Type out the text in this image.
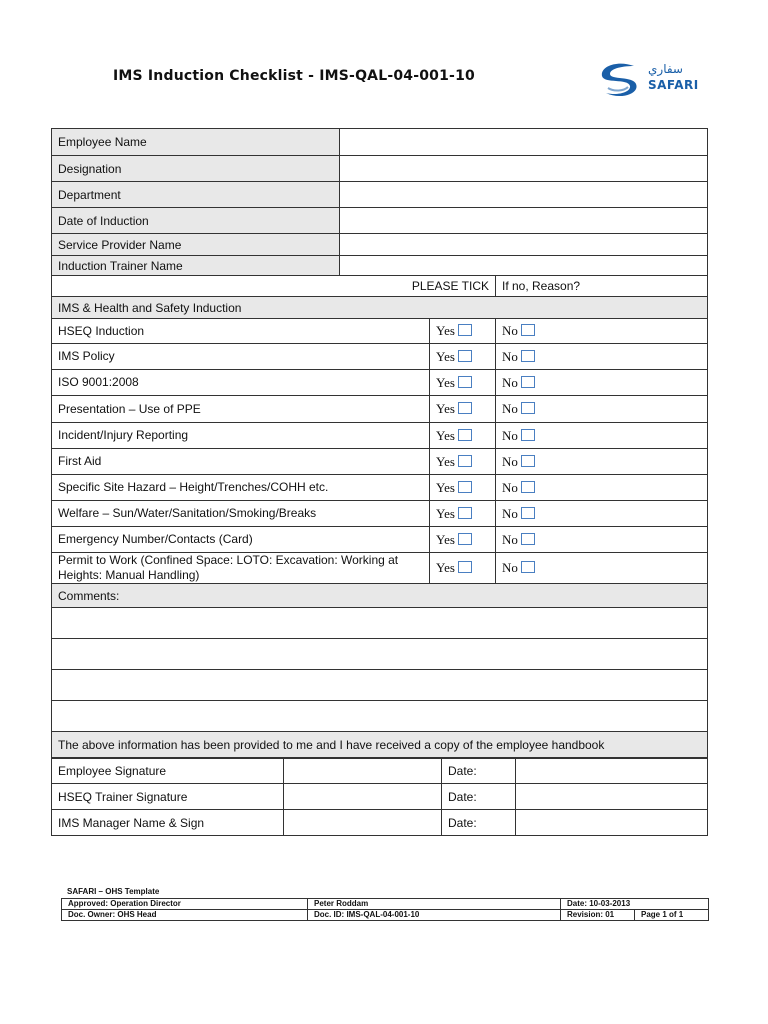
IMS Induction Checklist - IMS-QAL-04-001-10	سفاري
SAFARI
Employee Name			
Designation			
Department			
Date of Induction			
Service Provider Name			
Induction Trainer Name			
PLEASE TICK			If no, Reason?
IMS & Health and Safety Induction			
HSEQ Induction		Yes	No
IMS Policy		Yes	No
ISO 9001:2008		Yes	No
Presentation – Use of PPE		Yes	No
Incident/Injury Reporting		Yes	No
First Aid		Yes	No
Specific Site Hazard – Height/Trenches/COHH etc.		Yes	No
Welfare – Sun/Water/Sanitation/Smoking/Breaks		Yes	No
Emergency Number/Contacts (Card)		Yes	No
Permit to Work (Confined Space: LOTO: Excavation: Working at Heights: Manual Handling)		Yes	No
Comments:			

The above information has been provided to me and I have received a copy of the employee handbook			
Employee Signature		Date:	
HSEQ Trainer Signature		Date:	
IMS Manager Name & Sign		Date:	
SAFARI – OHS Template
Approved: Operation Director	Peter Roddam	Date: 10-03-2013	
Doc. Owner: OHS Head	Doc. ID: IMS-QAL-04-001-10	Revision: 01	Page 1 of 1
